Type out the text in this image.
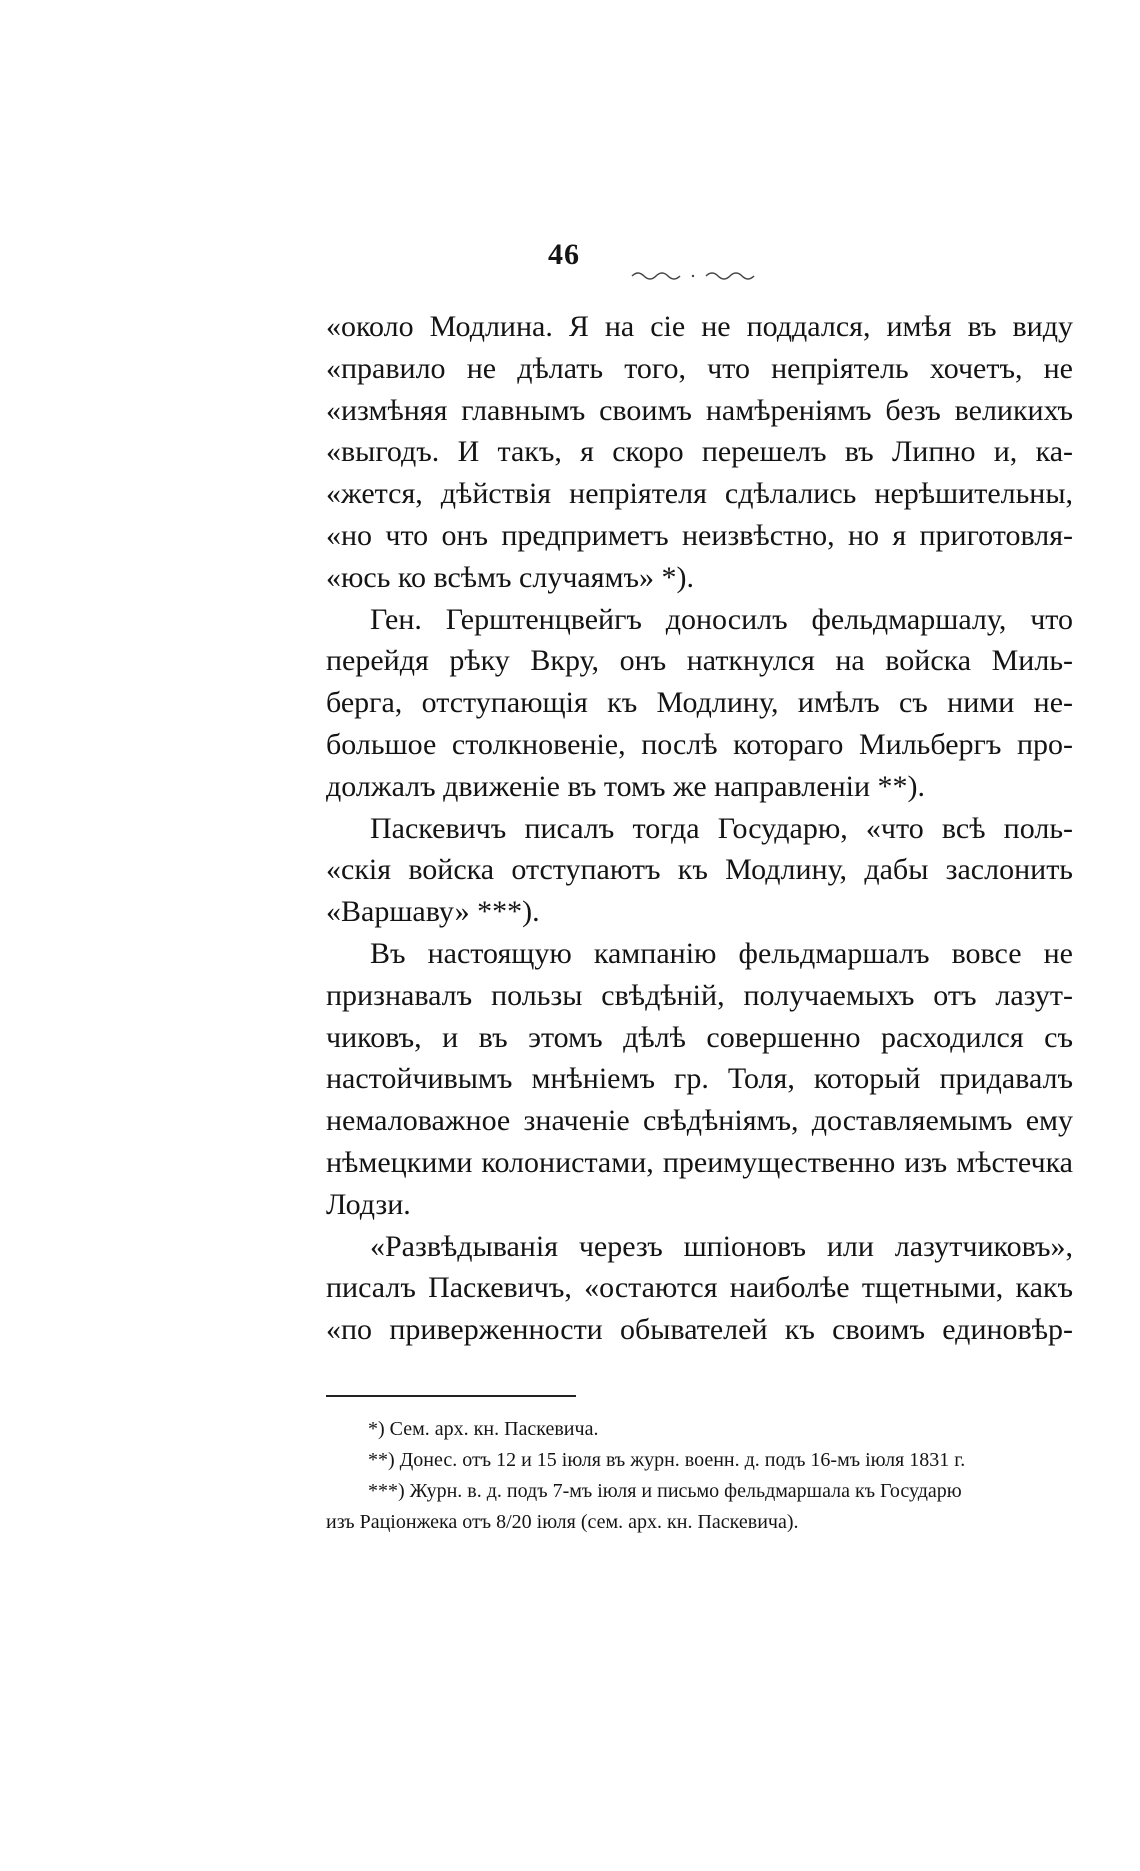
46
«около Модлина. Я на сіе не поддался, имѣя въ виду
«правило не дѣлать того, что непріятель хочетъ, не
«измѣняя главнымъ своимъ намѣреніямъ безъ великихъ
«выгодъ. И такъ, я скоро перешелъ въ Липно и, ка-
«жется, дѣйствія непріятеля сдѣлались нерѣшительны,
«но что онъ предприметъ неизвѣстно, но я приготовля-
«юсь ко всѣмъ случаямъ» *).
Ген. Герштенцвейгъ доносилъ фельдмаршалу, что
перейдя рѣку Вкру, онъ наткнулся на войска Миль-
берга, отступающія къ Модлину, имѣлъ съ ними не-
большое столкновеніе, послѣ котораго Мильбергъ про-
должалъ движеніе въ томъ же направленіи **).
Паскевичъ писалъ тогда Государю, «что всѣ поль-
«скія войска отступаютъ къ Модлину, дабы заслонить
«Варшаву» ***).
Въ настоящую кампанію фельдмаршалъ вовсе не
признавалъ пользы свѣдѣній, получаемыхъ отъ лазут-
чиковъ, и въ этомъ дѣлѣ совершенно расходился съ
настойчивымъ мнѣніемъ гр. Толя, который придавалъ
немаловажное значеніе свѣдѣніямъ, доставляемымъ ему
нѣмецкими колонистами, преимущественно изъ мѣстечка
Лодзи.
«Развѣдыванія черезъ шпіоновъ или лазутчиковъ»,
писалъ Паскевичъ, «остаются наиболѣе тщетными, какъ
«по приверженности обывателей къ своимъ единовѣр-
*) Сем. арх. кн. Паскевича.
**) Донес. отъ 12 и 15 іюля въ журн. военн. д. подъ 16-мъ іюля 1831 г.
***) Журн. в. д. подъ 7-мъ іюля и письмо фельдмаршала къ Государю
изъ Раціонжека отъ 8/20 іюля (сем. арх. кн. Паскевича).
